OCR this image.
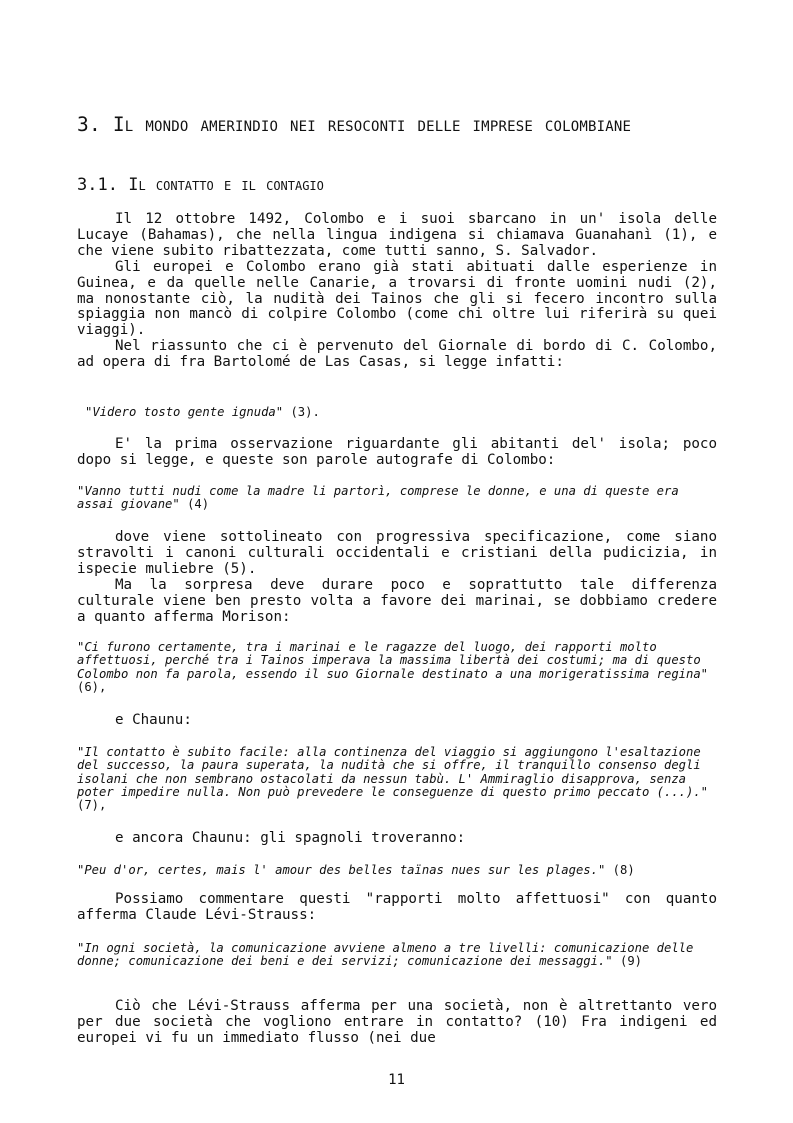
3. Il mondo amerindio nei resoconti delle imprese colombiane
3.1. Il contatto e il contagio

Il 12 ottobre 1492, Colombo e i suoi sbarcano in un' isola delle Lucaye (Bahamas), che nella lingua indigena si chiamava Guanahanì (1), e che viene subito ribattezzata, come tutti sanno, S. Salvador.

Gli europei e Colombo erano già stati abituati dalle esperienze in Guinea, e da quelle nelle Canarie, a trovarsi di fronte uomini nudi (2), ma nonostante ciò, la nudità dei Tainos che gli si fecero incontro sulla spiaggia non mancò di colpire Colombo (come chi oltre lui riferirà su quei viaggi).

Nel riassunto che ci è pervenuto del Giornale di bordo di C. Colombo, ad opera di fra Bartolomé de Las Casas, si legge infatti:

"Videro tosto gente ignuda" (3).

E' la prima osservazione riguardante gli abitanti del' isola; poco dopo si legge, e queste son parole autografe di Colombo:

"Vanno tutti nudi come la madre li partorì, comprese le donne, e una di queste era assai giovane" (4)

dove viene sottolineato con progressiva specificazione, come siano stravolti i canoni culturali occidentali e cristiani della pudicizia, in ispecie muliebre (5).

Ma la sorpresa deve durare poco e soprattutto tale differenza culturale viene ben presto volta a favore dei marinai, se dobbiamo credere a quanto afferma Morison:

"Ci furono certamente, tra i marinai e le ragazze del luogo, dei rapporti molto affettuosi, perché tra i Tainos imperava la massima libertà dei costumi; ma di questo Colombo non fa parola, essendo il suo Giornale destinato a una morigeratissima regina" (6),

e Chaunu:

"Il contatto è subito facile: alla continenza del viaggio si aggiungono l'esaltazione del successo, la paura superata, la nudità che si offre, il tranquillo consenso degli isolani che non sembrano ostacolati da nessun tabù. L' Ammiraglio disapprova, senza poter impedire nulla. Non può prevedere le conseguenze di questo primo peccato (...)." (7),

e ancora Chaunu: gli spagnoli troveranno:

"Peu d'or, certes, mais l' amour des belles taïnas nues sur les plages." (8)

Possiamo commentare questi "rapporti molto affettuosi" con quanto afferma Claude Lévi-Strauss:

"In ogni società, la comunicazione avviene almeno a tre livelli: comunicazione delle donne; comunicazione dei beni e dei servizi; comunicazione dei messaggi." (9)

Ciò che Lévi-Strauss afferma per una società, non è altrettanto vero per due società che vogliono entrare in contatto? (10) Fra indigeni ed europei vi fu un immediato flusso (nei due

11
